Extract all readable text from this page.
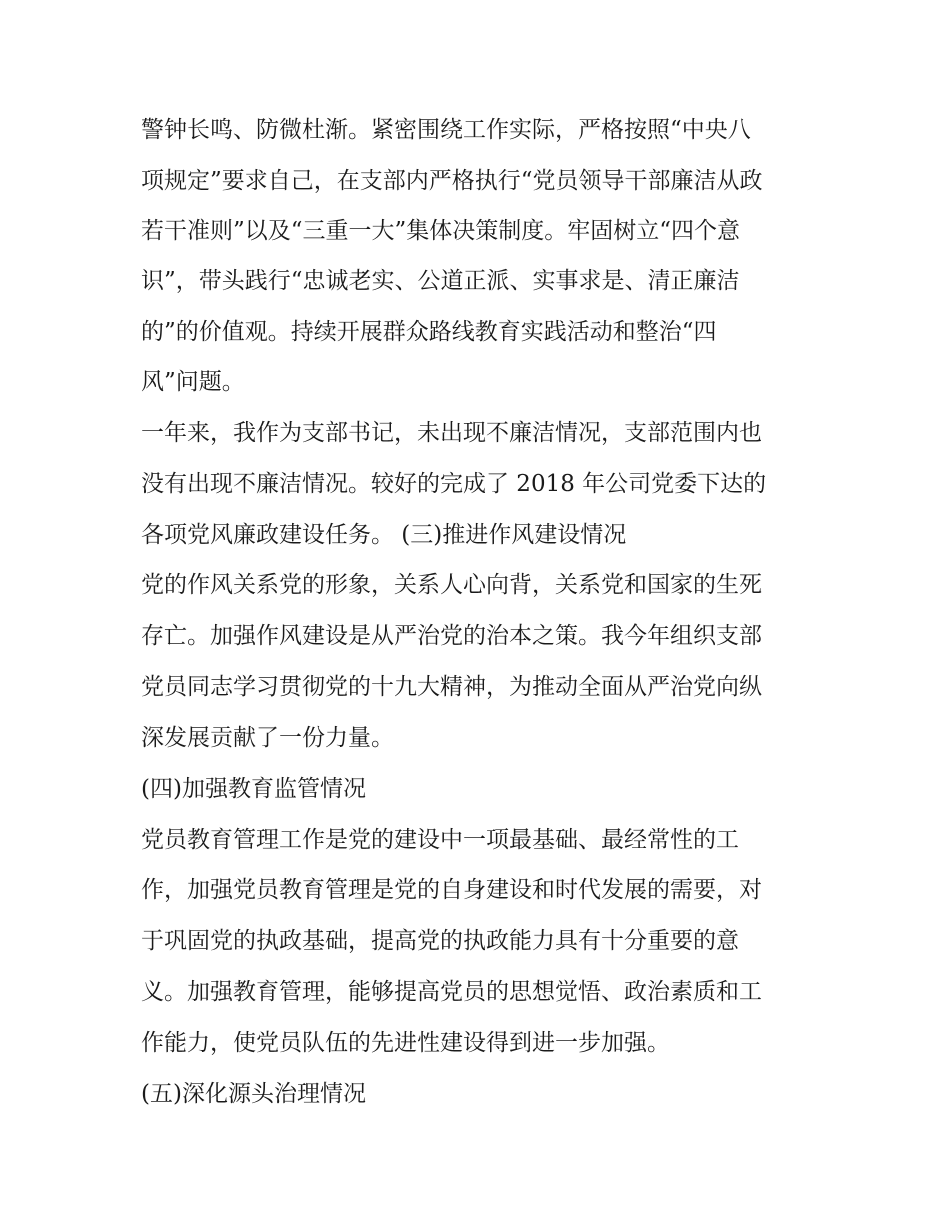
警钟长鸣、防微杜渐。紧密围绕工作实际，严格按照“中央八
项规定”要求自己，在支部内严格执行“党员领导干部廉洁从政
若干准则”以及“三重一大”集体决策制度。牢固树立“四个意
识”，带头践行“忠诚老实、公道正派、实事求是、清正廉洁
的”的价值观。持续开展群众路线教育实践活动和整治“四
风”问题。
一年来，我作为支部书记，未出现不廉洁情况，支部范围内也
没有出现不廉洁情况。较好的完成了 2018 年公司党委下达的
各项党风廉政建设任务。 (三)推进作风建设情况
党的作风关系党的形象，关系人心向背，关系党和国家的生死
存亡。加强作风建设是从严治党的治本之策。我今年组织支部
党员同志学习贯彻党的十九大精神，为推动全面从严治党向纵
深发展贡献了一份力量。
(四)加强教育监管情况
党员教育管理工作是党的建设中一项最基础、最经常性的工
作，加强党员教育管理是党的自身建设和时代发展的需要，对
于巩固党的执政基础，提高党的执政能力具有十分重要的意
义。加强教育管理，能够提高党员的思想觉悟、政治素质和工
作能力，使党员队伍的先进性建设得到进一步加强。
(五)深化源头治理情况
